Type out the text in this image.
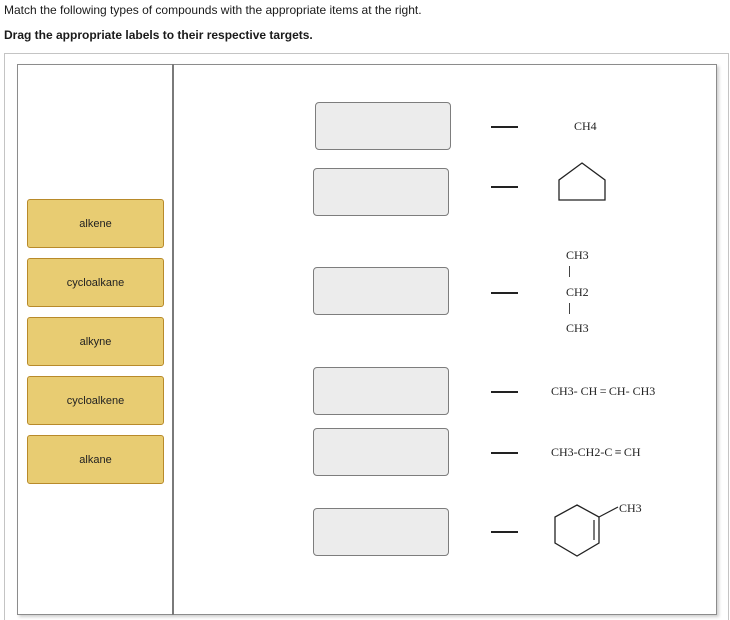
Match the following types of compounds with the appropriate items at the right.
Drag the appropriate labels to their respective targets.
alkene
cycloalkane
alkyne
cycloalkene
alkane
CH4
CH3
CH2
CH3
CH3- CH = CH- CH3
CH3-CH2-C ≡ CH
CH3
